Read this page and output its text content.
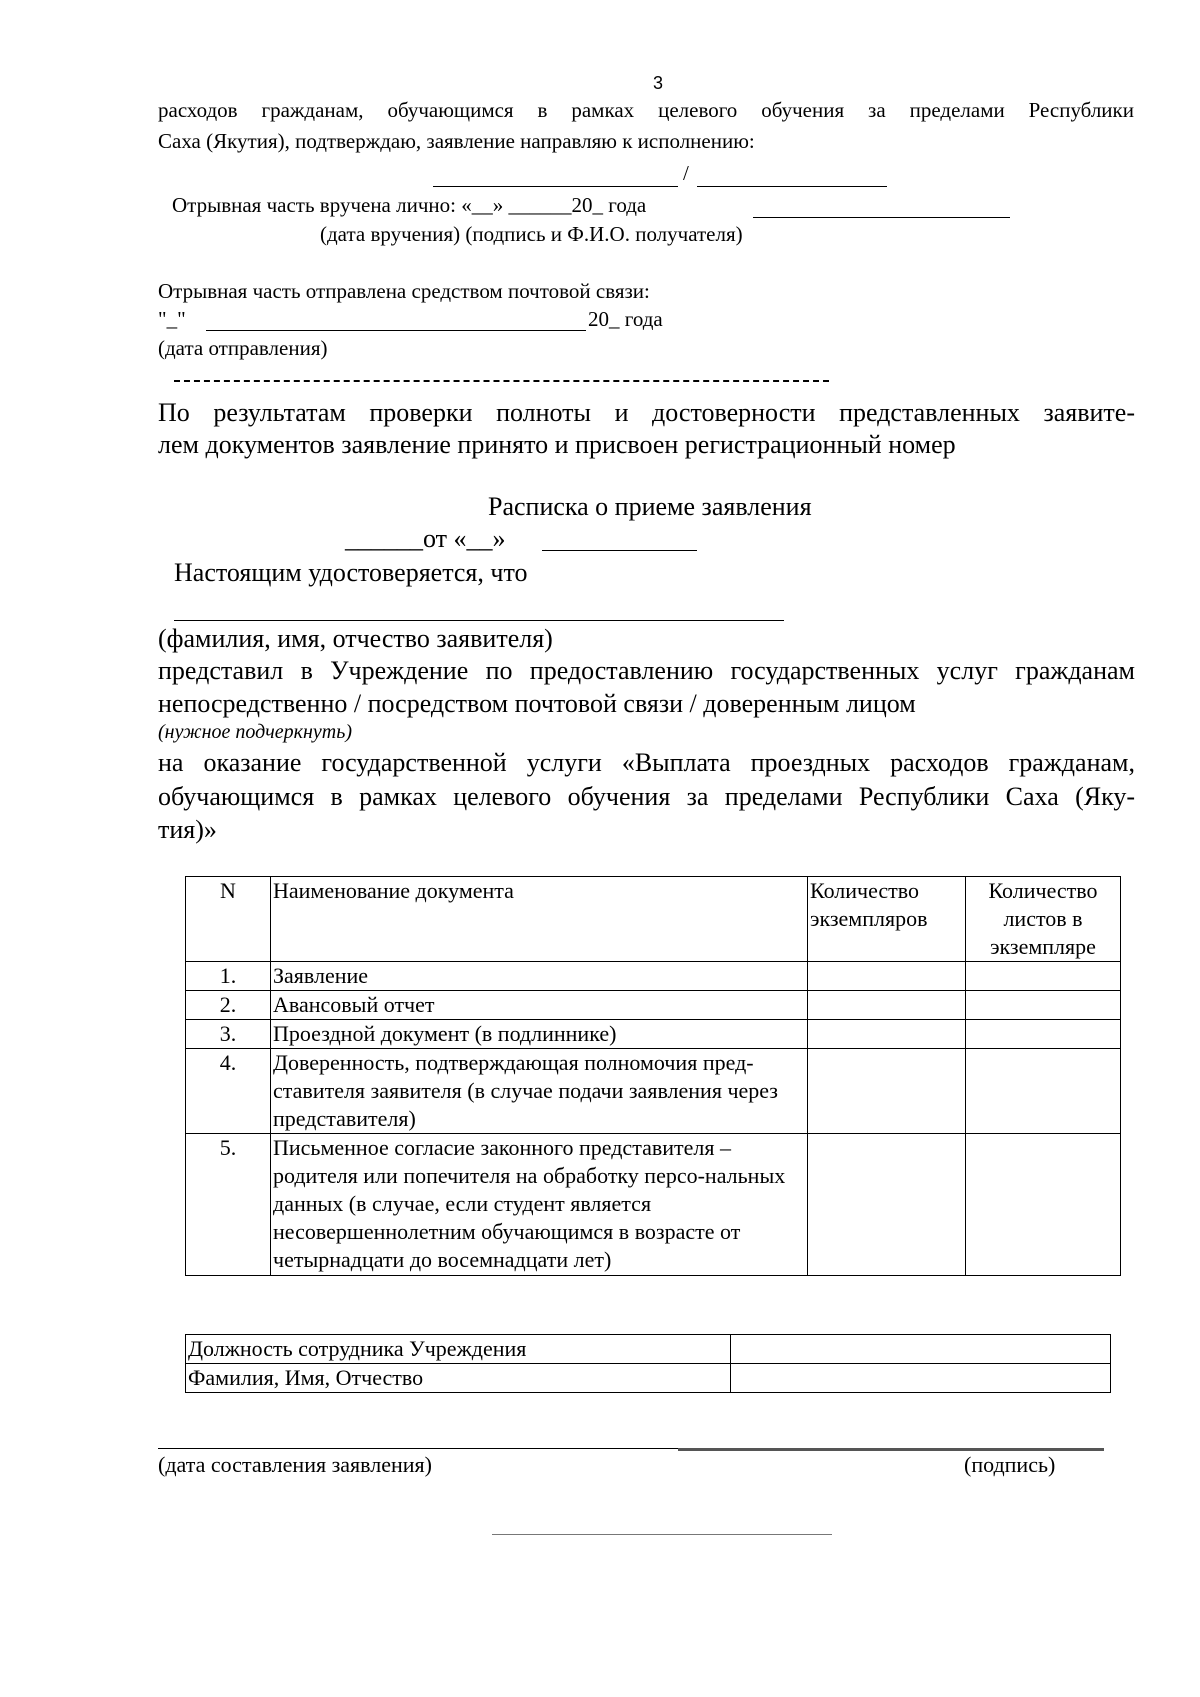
3
расходов гражданам, обучающимся в рамках целевого обучения за пределами Республики
Саха (Якутия), подтверждаю, заявление направляю к исполнению:
/
Отрывная часть вручена лично: «__» ______20_ года
(дата вручения) (подпись и Ф.И.О. получателя)
Отрывная часть отправлена средством почтовой связи:
"_"	20_ года
(дата отправления)
По результатам проверки полноты и достоверности представленных заявите-
лем документов заявление принято и присвоен регистрационный номер
Расписка о приеме заявления
______от «__»
Настоящим удостоверяется, что
(фамилия, имя, отчество заявителя)
представил в Учреждение по предоставлению государственных услуг гражданам
непосредственно / посредством почтовой связи / доверенным лицом
(нужное подчеркнуть)
на оказание государственной услуги «Выплата проездных расходов гражданам,
обучающимся в рамках целевого обучения за пределами Республики Саха (Яку-
тия)»
N	Наименование документа	Количество экземпляров	Количество листов в экземпляре
1.	Заявление		
2.	Авансовый отчет		
3.	Проездной документ (в подлиннике)		
4.	Доверенность, подтверждающая полномочия пред-ставителя заявителя (в случае подачи заявления через представителя)		
5.	Письменное согласие законного представителя – родителя или попечителя на обработку персо-нальных данных (в случае, если студент является несовершеннолетним обучающимся в возрасте от четырнадцати до восемнадцати лет)		
Должность сотрудника Учреждения	
Фамилия, Имя, Отчество	
(дата составления заявления)	(подпись)
